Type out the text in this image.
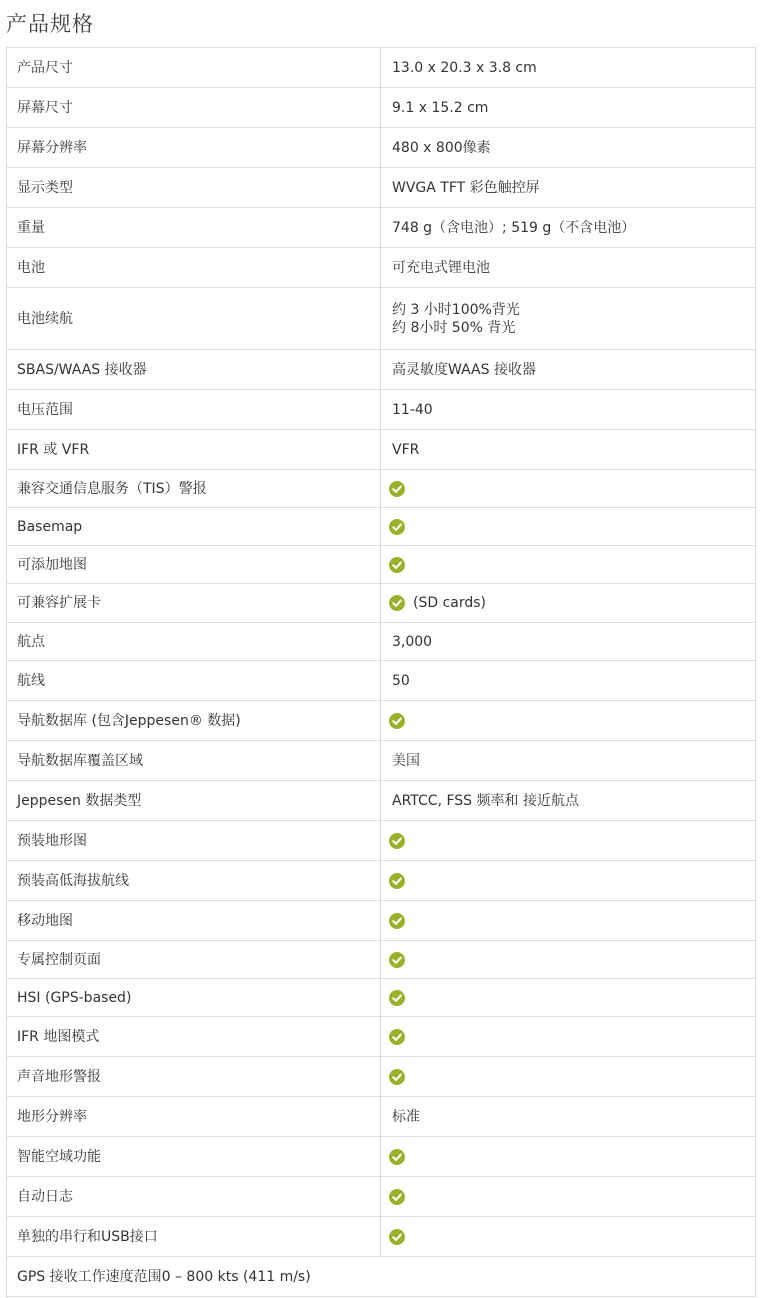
产品规格
产品尺寸	13.0 x 20.3 x 3.8 cm
屏幕尺寸	9.1 x 15.2 cm
屏幕分辨率	480 x 800像素
显示类型	WVGA TFT 彩色触控屏
重量	748 g（含电池）; 519 g（不含电池）
电池	可充电式锂电池
电池续航	约 3 小时100%背光
约 8小时 50% 背光

SBAS/WAAS 接收器	高灵敏度WAAS 接收器
电压范围	11-40
IFR 或 VFR	VFR
兼容交通信息服务（TIS）警报	
Basemap	
可添加地图	
可兼容扩展卡	(SD cards)
航点	3,000
航线	50
导航数据库 (包含Jeppesen® 数据)	
导航数据库覆盖区域	美国
Jeppesen 数据类型	ARTCC, FSS 频率和 接近航点
预装地形图	
预装高低海拔航线	
移动地图	
专属控制页面	
HSI (GPS-based)	
IFR 地图模式	
声音地形警报	
地形分辨率	标准
智能空域功能	
自动日志	
单独的串行和USB接口	
GPS 接收工作速度范围0 – 800 kts (411 m/s)	
